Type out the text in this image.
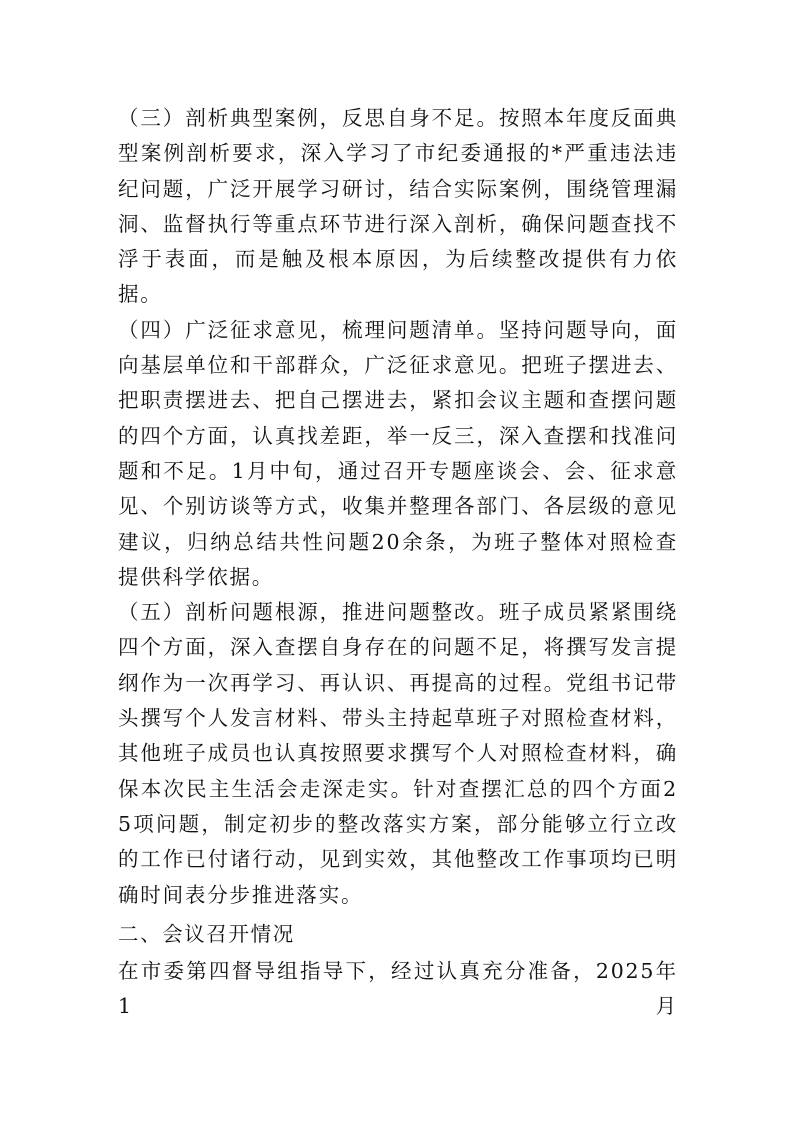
（三）剖析典型案例，反思自身不足。按照本年度反面典型案例剖析要求，深入学习了市纪委通报的*严重违法违纪问题，广泛开展学习研讨，结合实际案例，围绕管理漏洞、监督执行等重点环节进行深入剖析，确保问题查找不浮于表面，而是触及根本原因，为后续整改提供有力依据。

（四）广泛征求意见，梳理问题清单。坚持问题导向，面向基层单位和干部群众，广泛征求意见。把班子摆进去、把职责摆进去、把自己摆进去，紧扣会议主题和查摆问题的四个方面，认真找差距，举一反三，深入查摆和找准问题和不足。1月中旬，通过召开专题座谈会、会、征求意见、个别访谈等方式，收集并整理各部门、各层级的意见建议，归纳总结共性问题20余条，为班子整体对照检查提供科学依据。

（五）剖析问题根源，推进问题整改。班子成员紧紧围绕四个方面，深入查摆自身存在的问题不足，将撰写发言提纲作为一次再学习、再认识、再提高的过程。党组书记带头撰写个人发言材料、带头主持起草班子对照检查材料，其他班子成员也认真按照要求撰写个人对照检查材料，确保本次民主生活会走深走实。针对查摆汇总的四个方面25项问题，制定初步的整改落实方案，部分能够立行立改的工作已付诸行动，见到实效，其他整改工作事项均已明确时间表分步推进落实。

二、会议召开情况

在市委第四督导组指导下，经过认真充分准备，2025年1月
